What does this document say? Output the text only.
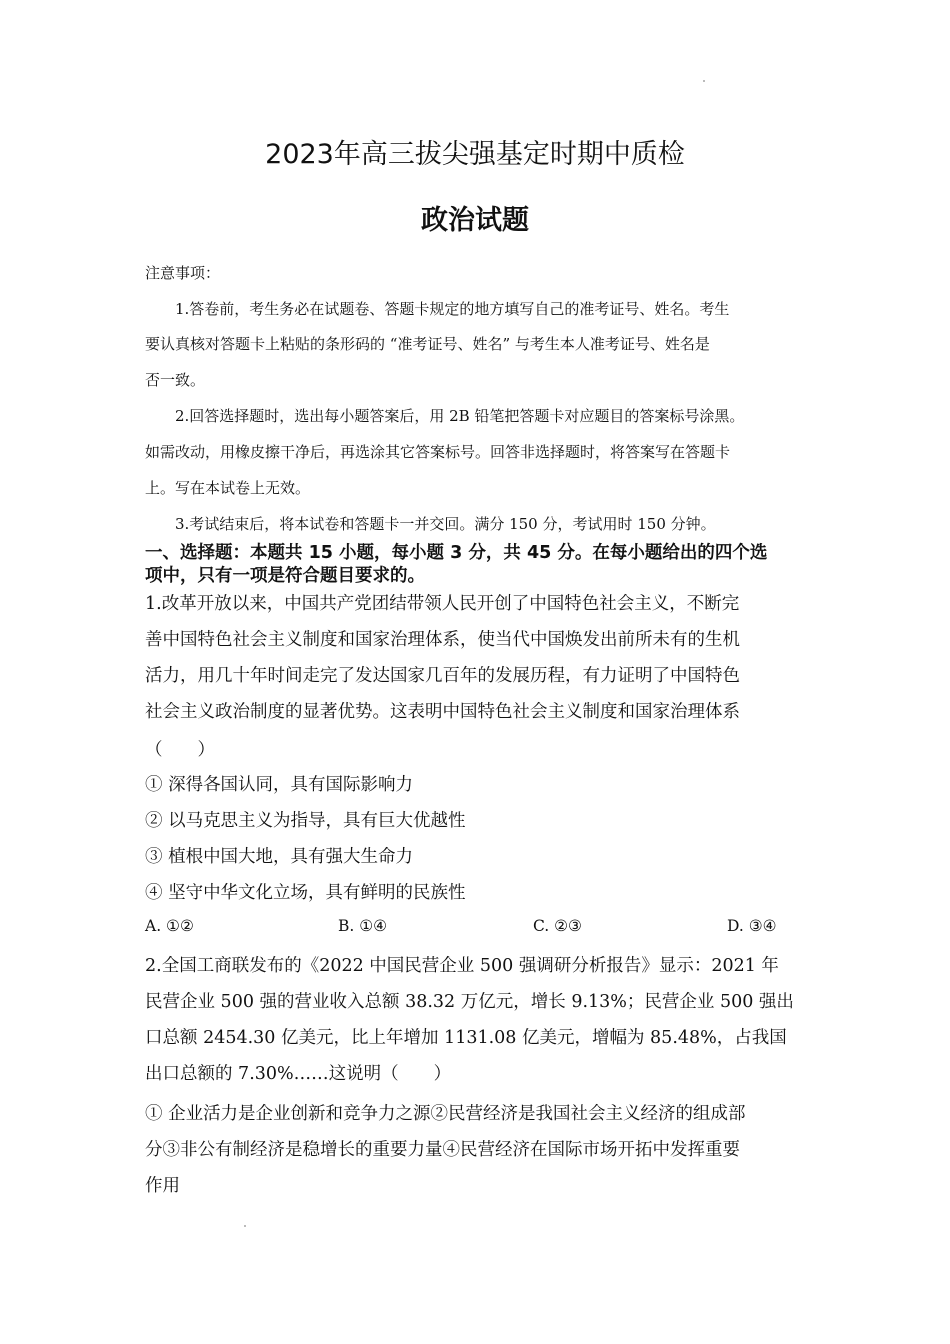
2023年高三拔尖强基定时期中质检
政治试题
注意事项：
1.答卷前，考生务必在试题卷、答题卡规定的地方填写自己的准考证号、姓名。考生
要认真核对答题卡上粘贴的条形码的 “准考证号、姓名” 与考生本人准考证号、姓名是
否一致。
2.回答选择题时，选出每小题答案后，用 2B 铅笔把答题卡对应题目的答案标号涂黑。
如需改动，用橡皮擦干净后，再选涂其它答案标号。回答非选择题时，将答案写在答题卡
上。写在本试卷上无效。
3.考试结束后，将本试卷和答题卡一并交回。满分 150 分，考试用时 150 分钟。
一、选择题：本题共 15 小题，每小题 3 分，共 45 分。在每小题给出的四个选
项中，只有一项是符合题目要求的。
1.改革开放以来，中国共产党团结带领人民开创了中国特色社会主义，不断完
善中国特色社会主义制度和国家治理体系，使当代中国焕发出前所未有的生机
活力，用几十年时间走完了发达国家几百年的发展历程，有力证明了中国特色
社会主义政治制度的显著优势。这表明中国特色社会主义制度和国家治理体系
（　　）
① 深得各国认同，具有国际影响力
② 以马克思主义为指导，具有巨大优越性
③ 植根中国大地，具有强大生命力
④ 坚守中华文化立场，具有鲜明的民族性
A. ①②	B. ①④	C. ②③	D. ③④
2.全国工商联发布的《2022 中国民营企业 500 强调研分析报告》显示：2021 年
民营企业 500 强的营业收入总额 38.32 万亿元，增长 9.13%；民营企业 500 强出
口总额 2454.30 亿美元，比上年增加 1131.08 亿美元，增幅为 85.48%，占我国
出口总额的 7.30%……这说明（　　）
① 企业活力是企业创新和竞争力之源②民营经济是我国社会主义经济的组成部
分③非公有制经济是稳增长的重要力量④民营经济在国际市场开拓中发挥重要
作用
